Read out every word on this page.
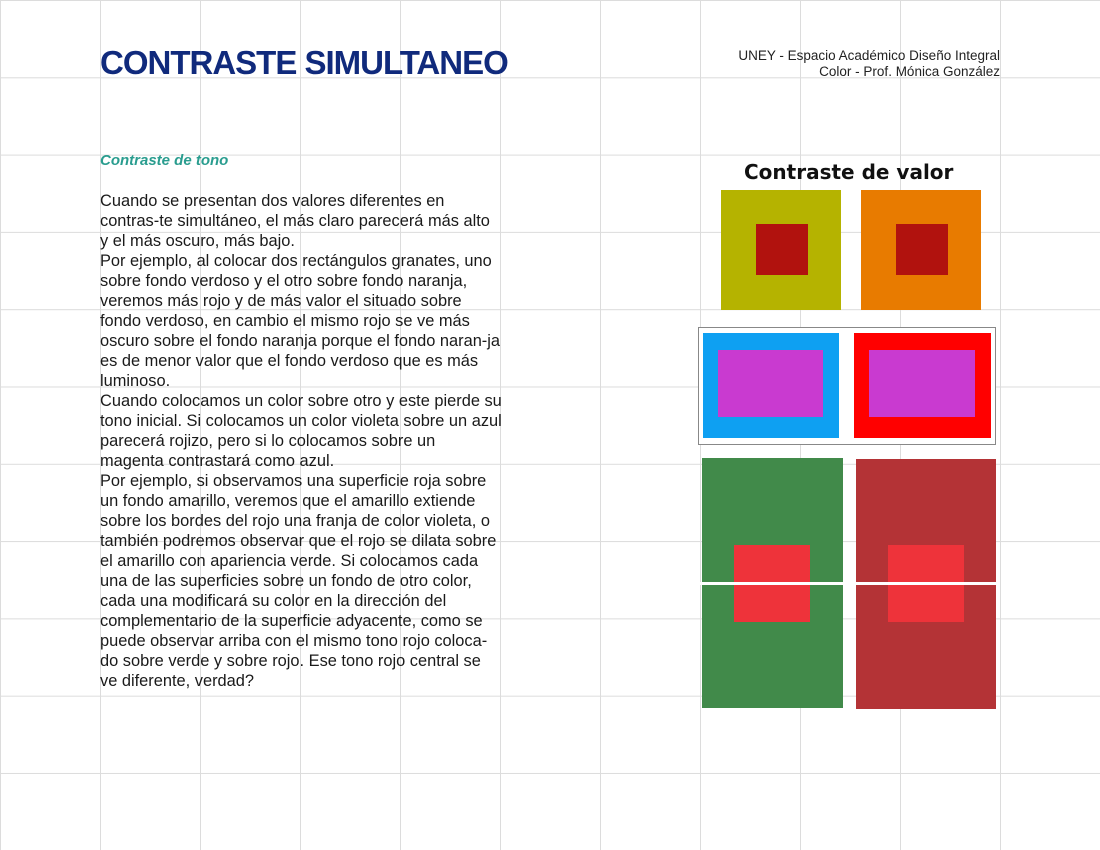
CONTRASTE SIMULTANEO	UNEY - Espacio Académico Diseño Integral
Color - Prof. Mónica González
Contraste de tono

Cuando se presentan dos valores diferentes en contras-te simultáneo, el más claro parecerá más alto y el más oscuro, más bajo.

Por ejemplo, al colocar dos rectángulos granates, uno sobre fondo verdoso y el otro sobre fondo naranja, veremos más rojo y de más valor el situado sobre fondo verdoso, en cambio el mismo rojo se ve más oscuro sobre el fondo naranja porque el fondo naran-ja es de menor valor que el fondo verdoso que es más luminoso.

Cuando colocamos un color sobre otro y este pierde su tono inicial. Si colocamos un color violeta sobre un azul parecerá rojizo, pero si lo colocamos sobre un magenta contrastará como azul.

Por ejemplo, si observamos una superficie roja sobre un fondo amarillo, veremos que el amarillo extiende sobre los bordes del rojo una franja de color violeta, o también podremos observar que el rojo se dilata sobre el amarillo con apariencia verde. Si colocamos cada una de las superficies sobre un fondo de otro color, cada una modificará su color en la dirección del complementario de la superficie adyacente, como se puede observar arriba con el mismo tono rojo coloca-do sobre verde y sobre rojo. Ese tono rojo central se ve diferente, verdad?

Contraste de valor
